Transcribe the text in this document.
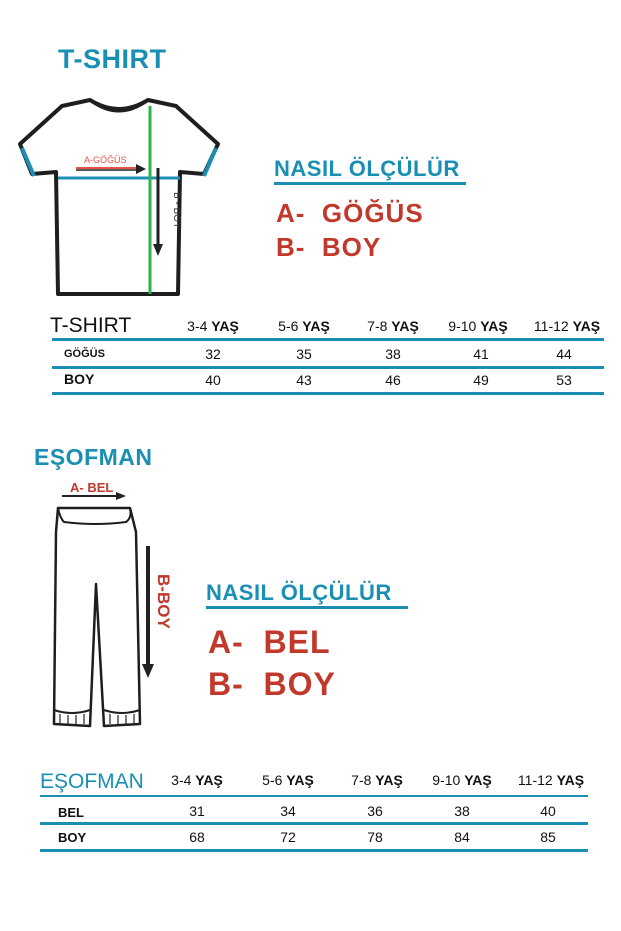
T-SHIRT
A-GÖĞÜS
B - BOY
NASIL ÖLÇÜLÜR
A-  GÖĞÜS
B-  BOY
T-SHIRT	3-4 YAŞ	5-6 YAŞ	7-8 YAŞ	9-10 YAŞ	11-12 YAŞ
GÖĞÜS	32	35	38	41	44
BOY	40	43	46	49	53
EŞOFMAN
A- BEL
B-BOY NASIL ÖLÇÜLÜR
A-  BEL
B-  BOY
EŞOFMAN	3-4 YAŞ	5-6 YAŞ	7-8 YAŞ	9-10 YAŞ	11-12 YAŞ
BEL	31	34	36	38	40
BOY	68	72	78	84	85
